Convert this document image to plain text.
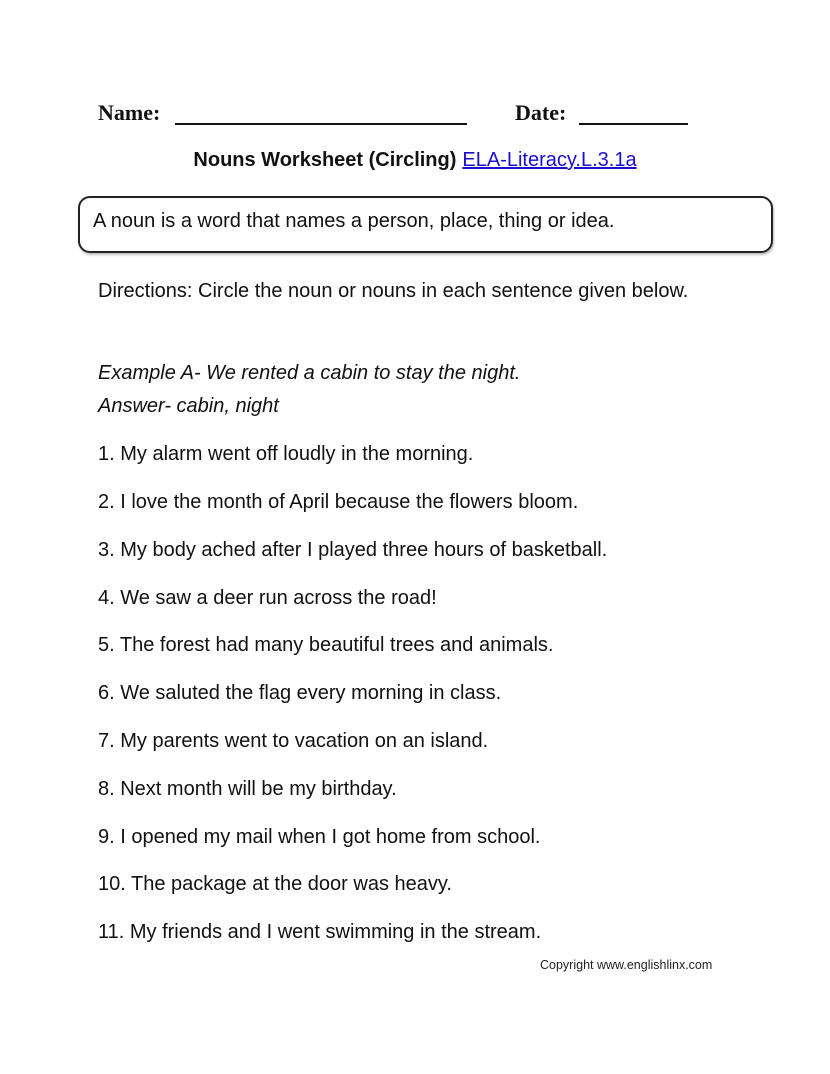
Name:	Date:
Nouns Worksheet (Circling) ELA-Literacy.L.3.1a
A noun is a word that names a person, place, thing or idea.
Directions: Circle the noun or nouns in each sentence given below.
Example A- We rented a cabin to stay the night.
Answer- cabin, night
1. My alarm went off loudly in the morning.
2. I love the month of April because the flowers bloom.
3. My body ached after I played three hours of basketball.
4. We saw a deer run across the road!
5. The forest had many beautiful trees and animals.
6. We saluted the flag every morning in class.
7. My parents went to vacation on an island.
8. Next month will be my birthday.
9. I opened my mail when I got home from school.
10. The package at the door was heavy.
11. My friends and I went swimming in the stream.
Copyright www.englishlinx.com
